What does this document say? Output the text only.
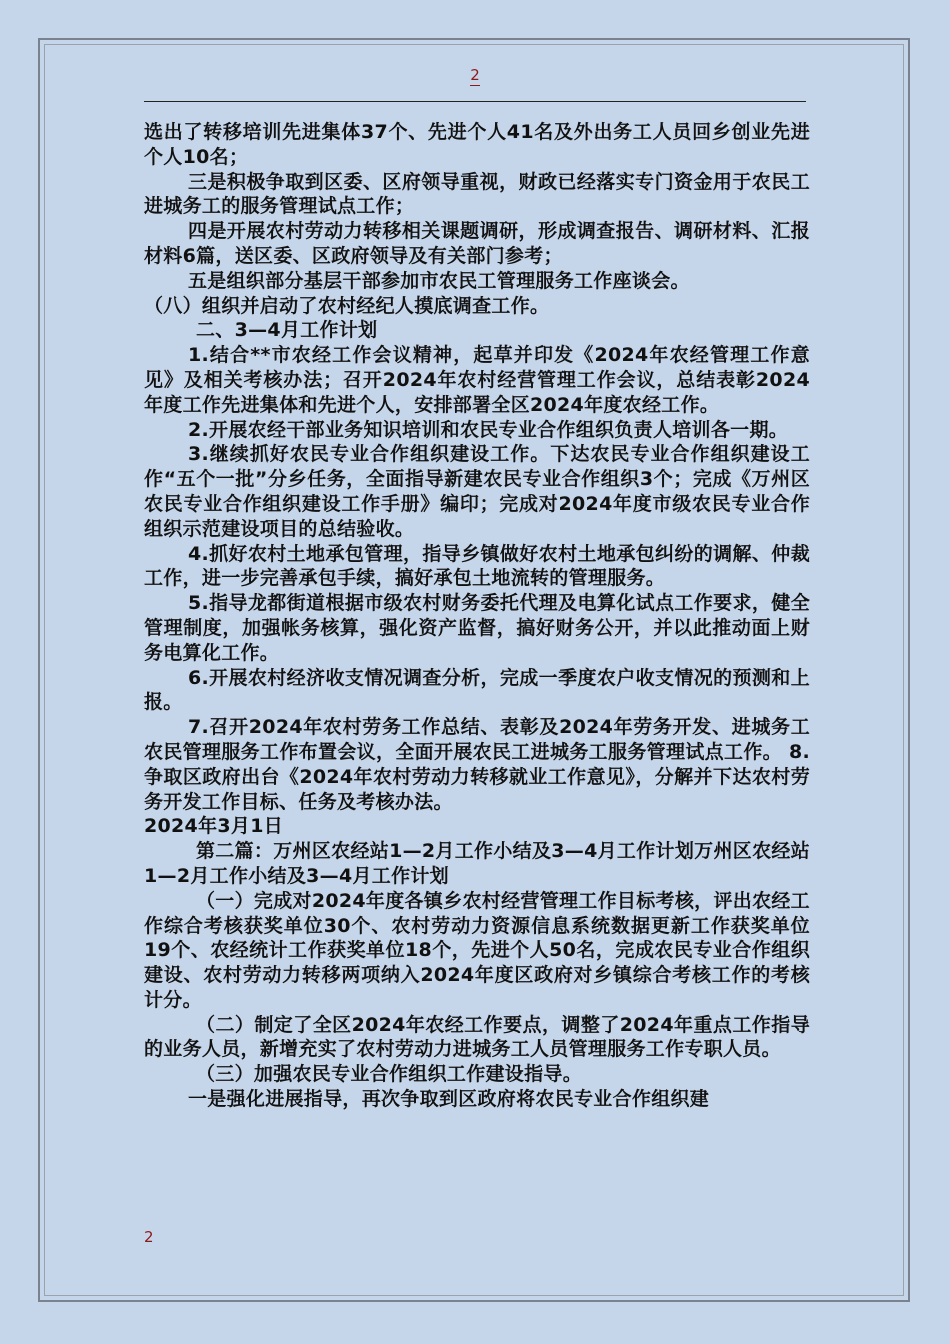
2

选出了转移培训先进集体37个、先进个人41名及外出务工人员回乡创业先进个人10名；

三是积极争取到区委、区府领导重视，财政已经落实专门资金用于农民工进城务工的服务管理试点工作；

四是开展农村劳动力转移相关课题调研，形成调查报告、调研材料、汇报材料6篇，送区委、区政府领导及有关部门参考；

五是组织部分基层干部参加市农民工管理服务工作座谈会。

（八）组织并启动了农村经纪人摸底调查工作。

二、3—4月工作计划

1.结合**市农经工作会议精神，起草并印发《2024年农经管理工作意见》及相关考核办法；召开2024年农村经营管理工作会议，总结表彰2024年度工作先进集体和先进个人，安排部署全区2024年度农经工作。

2.开展农经干部业务知识培训和农民专业合作组织负责人培训各一期。

3.继续抓好农民专业合作组织建设工作。下达农民专业合作组织建设工作“五个一批”分乡任务，全面指导新建农民专业合作组织3个；完成《万州区农民专业合作组织建设工作手册》编印；完成对2024年度市级农民专业合作组织示范建设项目的总结验收。

4.抓好农村土地承包管理，指导乡镇做好农村土地承包纠纷的调解、仲裁工作，进一步完善承包手续，搞好承包土地流转的管理服务。

5.指导龙都街道根据市级农村财务委托代理及电算化试点工作要求，健全管理制度，加强帐务核算，强化资产监督，搞好财务公开，并以此推动面上财务电算化工作。

6.开展农村经济收支情况调查分析，完成一季度农户收支情况的预测和上报。

7.召开2024年农村劳务工作总结、表彰及2024年劳务开发、进城务工农民管理服务工作布置会议，全面开展农民工进城务工服务管理试点工作。 8.争取区政府出台《2024年农村劳动力转移就业工作意见》，分解并下达农村劳务开发工作目标、任务及考核办法。

2024年3月1日

第二篇：万州区农经站1—2月工作小结及3—4月工作计划万州区农经站1—2月工作小结及3—4月工作计划

（一）完成对2024年度各镇乡农村经营管理工作目标考核，评出农经工作综合考核获奖单位30个、农村劳动力资源信息系统数据更新工作获奖单位19个、农经统计工作获奖单位18个，先进个人50名，完成农民专业合作组织建设、农村劳动力转移两项纳入2024年度区政府对乡镇综合考核工作的考核计分。

（二）制定了全区2024年农经工作要点，调整了2024年重点工作指导的业务人员，新增充实了农村劳动力进城务工人员管理服务工作专职人员。

（三）加强农民专业合作组织工作建设指导。

一是强化进展指导，再次争取到区政府将农民专业合作组织建

2
